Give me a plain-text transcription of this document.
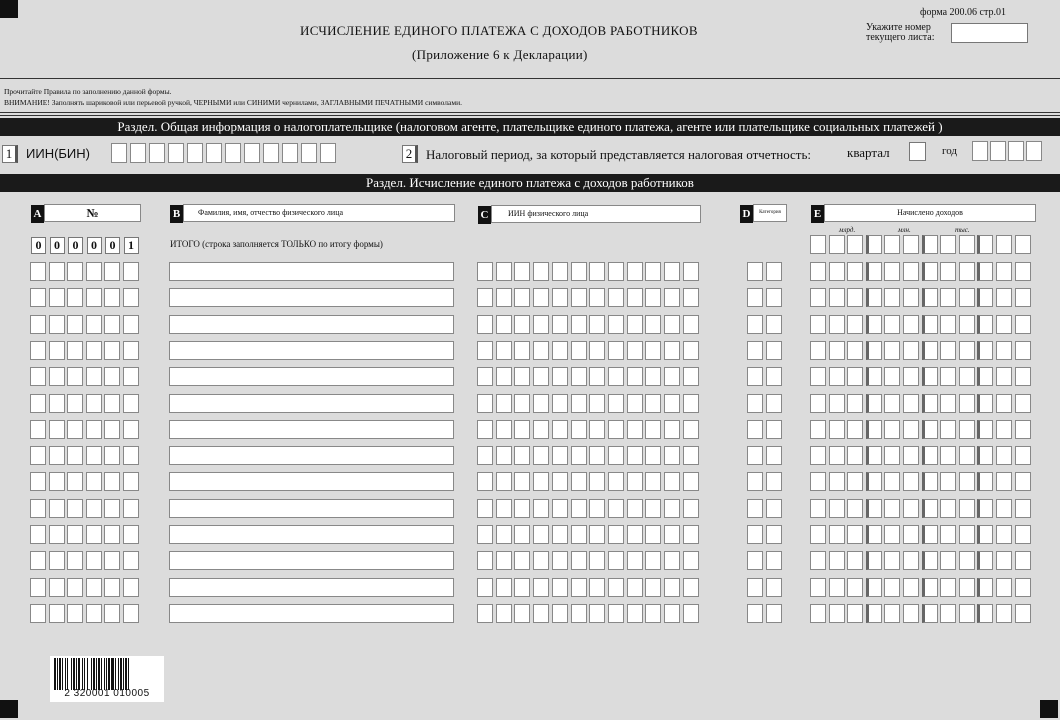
форма 200.06 стр.01
ИСЧИСЛЕНИЕ ЕДИНОГО ПЛАТЕЖА С ДОХОДОВ РАБОТНИКОВ
(Приложение 6 к Декларации)
Укажите номер
текущего листа:
Прочитайте Правила по заполнению данной формы.
ВНИМАНИЕ! Заполнять шариковой или перьевой ручкой, ЧЕРНЫМИ или СИНИМИ чернилами, ЗАГЛАВНЫМИ ПЕЧАТНЫМИ символами.
Раздел. Общая информация о налогоплательщике (налоговом агенте, плательщике единого платежа, агенте или плательщике социальных платежей )
1	ИИН(БИН)	2	Налоговый период, за который представляется налоговая отчетность:	квартал	год
Раздел. Исчисление единого платежа с доходов работников
A	№	B	Фамилия, имя, отчество физического лица	C	ИИН физического лица	D	Категория	E	Начислено доходов
млрд.	млн.	тыс.
0	0	0	0	0	1	ИТОГО (строка заполняется ТОЛЬКО по итогу формы)
2 320001 010005
